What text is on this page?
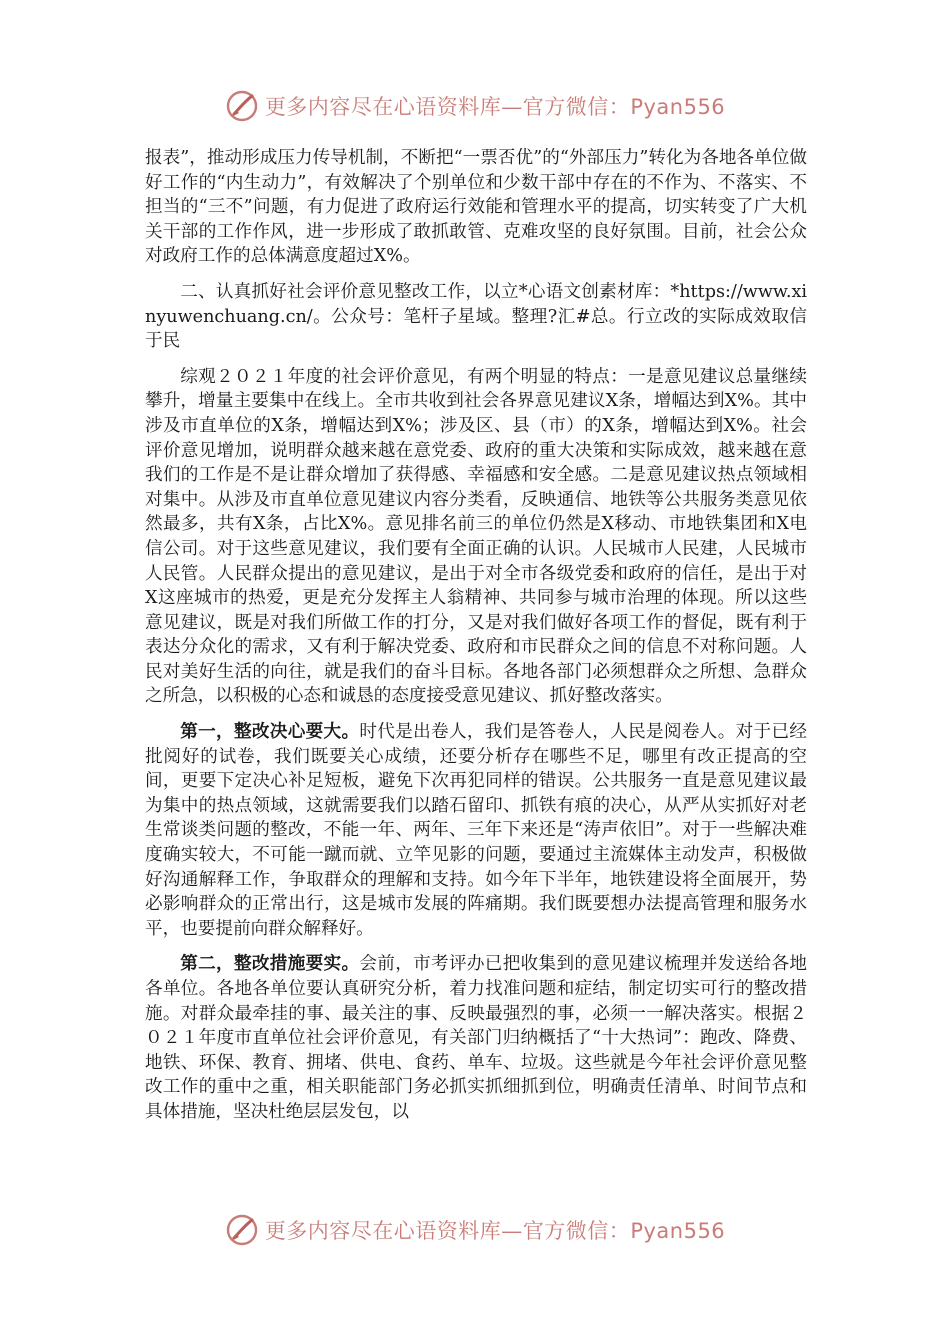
更多内容尽在心语资料库—官方微信：Pyan556

报表”，推动形成压力传导机制，不断把“一票否优”的“外部压力”转化为各地各单位做好工作的“内生动力”，有效解决了个别单位和少数干部中存在的不作为、不落实、不担当的“三不”问题，有力促进了政府运行效能和管理水平的提高，切实转变了广大机关干部的工作作风，进一步形成了敢抓敢管、克难攻坚的良好氛围。目前，社会公众对政府工作的总体满意度超过X%。

二、认真抓好社会评价意见整改工作，以立*心语文创素材库：*https://www.xinyuwenchuang.cn/。公众号：笔杆子星域。整理?汇#总。行立改的实际成效取信于民

综观２０２１年度的社会评价意见，有两个明显的特点：一是意见建议总量继续攀升，增量主要集中在线上。全市共收到社会各界意见建议X条，增幅达到X%。其中涉及市直单位的X条，增幅达到X%；涉及区、县（市）的X条，增幅达到X%。社会评价意见增加，说明群众越来越在意党委、政府的重大决策和实际成效，越来越在意我们的工作是不是让群众增加了获得感、幸福感和安全感。二是意见建议热点领域相对集中。从涉及市直单位意见建议内容分类看，反映通信、地铁等公共服务类意见依然最多，共有X条，占比X%。意见排名前三的单位仍然是X移动、市地铁集团和X电信公司。对于这些意见建议，我们要有全面正确的认识。人民城市人民建，人民城市人民管。人民群众提出的意见建议，是出于对全市各级党委和政府的信任，是出于对X这座城市的热爱，更是充分发挥主人翁精神、共同参与城市治理的体现。所以这些意见建议，既是对我们所做工作的打分，又是对我们做好各项工作的督促，既有利于表达分众化的需求，又有利于解决党委、政府和市民群众之间的信息不对称问题。人民对美好生活的向往，就是我们的奋斗目标。各地各部门必须想群众之所想、急群众之所急，以积极的心态和诚恳的态度接受意见建议、抓好整改落实。

第一，整改决心要大。时代是出卷人，我们是答卷人，人民是阅卷人。对于已经批阅好的试卷，我们既要关心成绩，还要分析存在哪些不足，哪里有改正提高的空间，更要下定决心补足短板，避免下次再犯同样的错误。公共服务一直是意见建议最为集中的热点领域，这就需要我们以踏石留印、抓铁有痕的决心，从严从实抓好对老生常谈类问题的整改，不能一年、两年、三年下来还是“涛声依旧”。对于一些解决难度确实较大，不可能一蹴而就、立竿见影的问题，要通过主流媒体主动发声，积极做好沟通解释工作，争取群众的理解和支持。如今年下半年，地铁建设将全面展开，势必影响群众的正常出行，这是城市发展的阵痛期。我们既要想办法提高管理和服务水平，也要提前向群众解释好。

第二，整改措施要实。会前，市考评办已把收集到的意见建议梳理并发送给各地各单位。各地各单位要认真研究分析，着力找准问题和症结，制定切实可行的整改措施。对群众最牵挂的事、最关注的事、反映最强烈的事，必须一一解决落实。根据２０２１年度市直单位社会评价意见，有关部门归纳概括了“十大热词”：跑改、降费、地铁、环保、教育、拥堵、供电、食药、单车、垃圾。这些就是今年社会评价意见整改工作的重中之重，相关职能部门务必抓实抓细抓到位，明确责任清单、时间节点和具体措施，坚决杜绝层层发包，以

更多内容尽在心语资料库—官方微信：Pyan556
